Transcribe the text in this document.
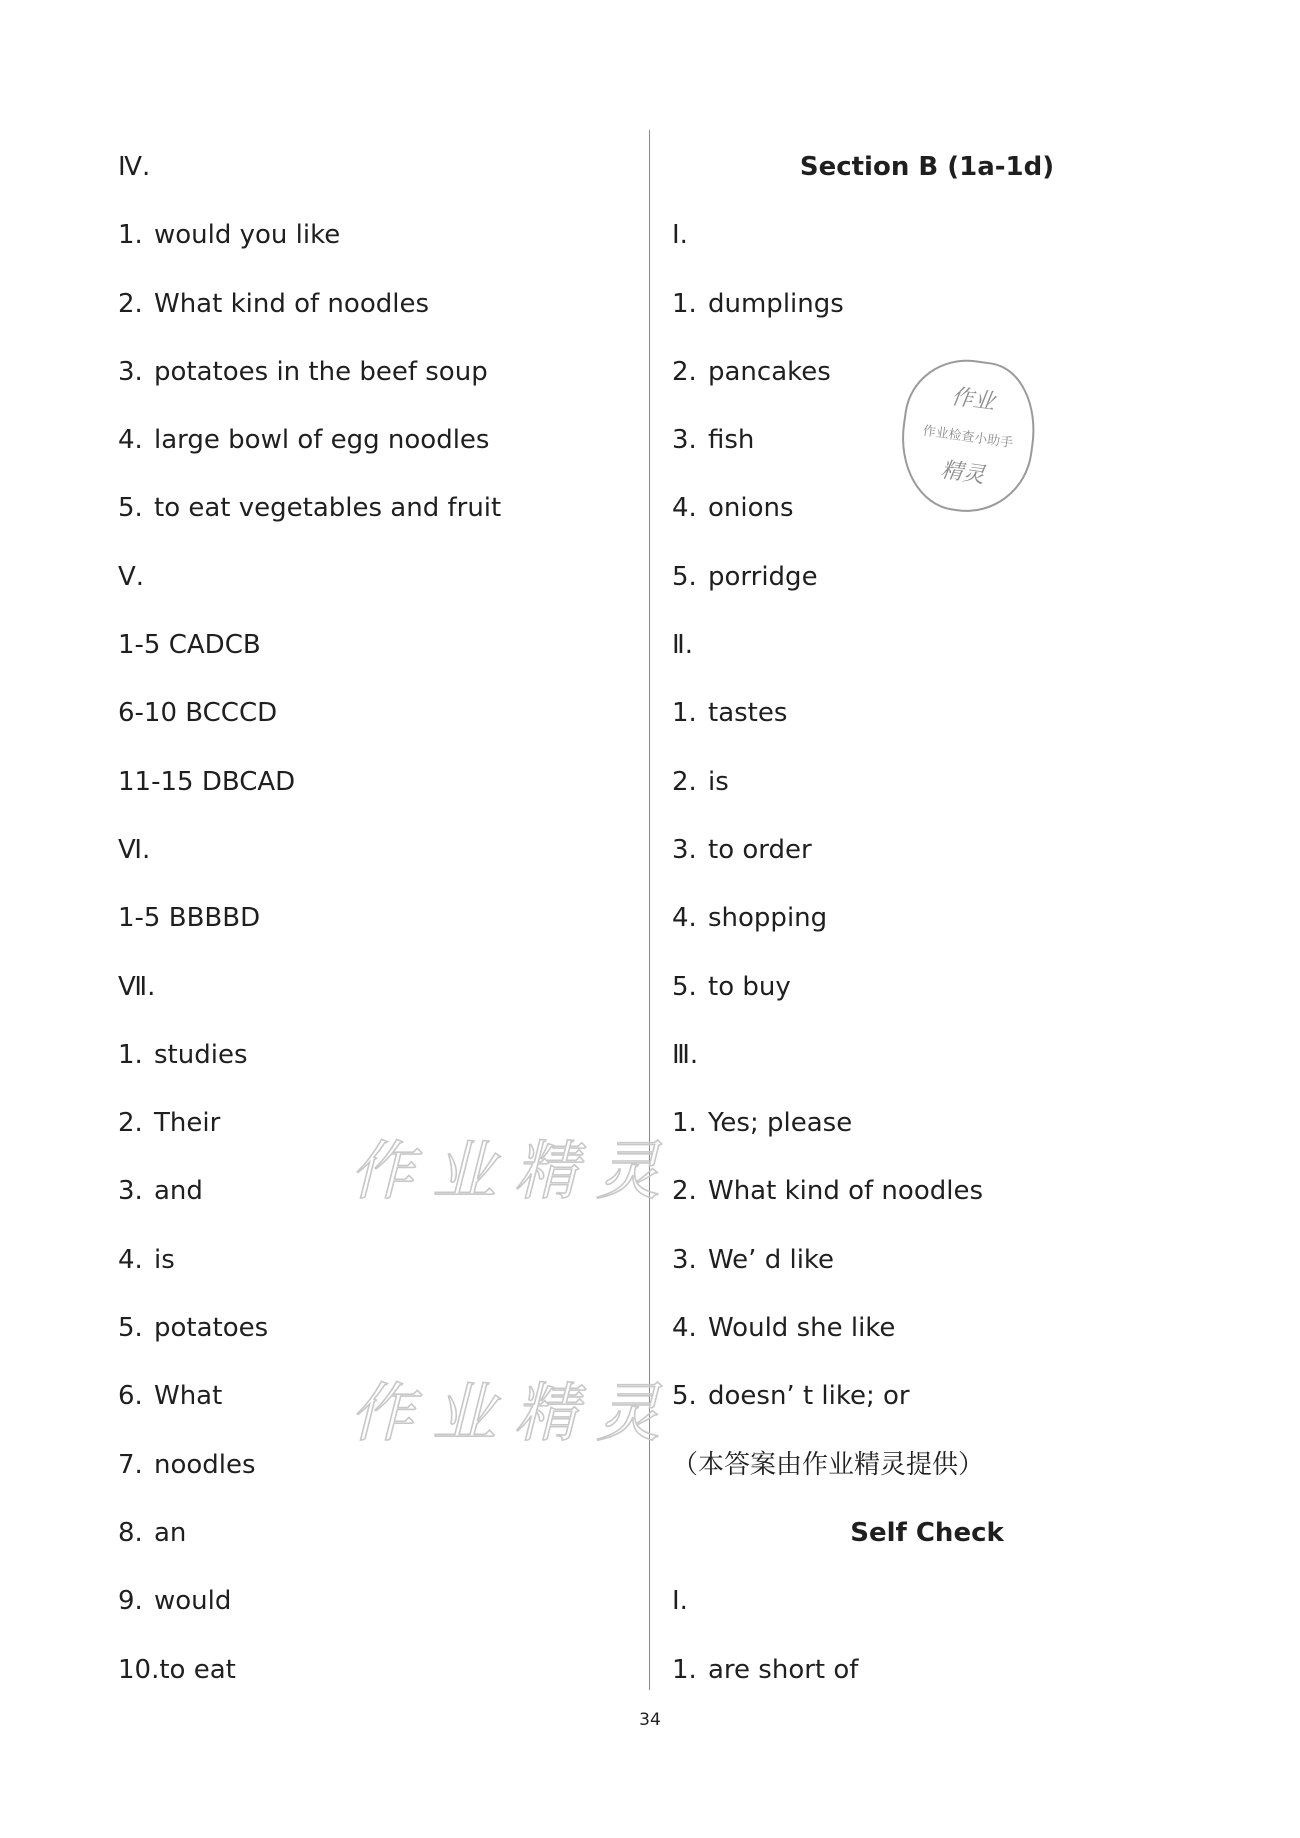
Ⅳ.
1. would you like
2. What kind of noodles
3. potatoes in the beef soup
4. large bowl of egg noodles
5. to eat vegetables and fruit
Ⅴ.
1-5 CADCB
6-10 BCCCD
11-15 DBCAD
Ⅵ.
1-5 BBBBD
Ⅶ.
1. studies
2. Their
3. and
4. is
5. potatoes
6. What
7. noodles
8. an
9. would
10.to eat
Section B (1a-1d)
Ⅰ.
1. dumplings
2. pancakes
3. fish
4. onions
5. porridge
Ⅱ.
1. tastes
2. is
3. to order
4. shopping
5. to buy
Ⅲ.
1. Yes; please
2. What kind of noodles
3. We’ d like
4. Would she like
5. doesn’ t like; or
（本答案由作业精灵提供）
Self Check
Ⅰ.
1. are short of
作业
作业检查小助手
精灵
作业精灵
作业精灵
34
